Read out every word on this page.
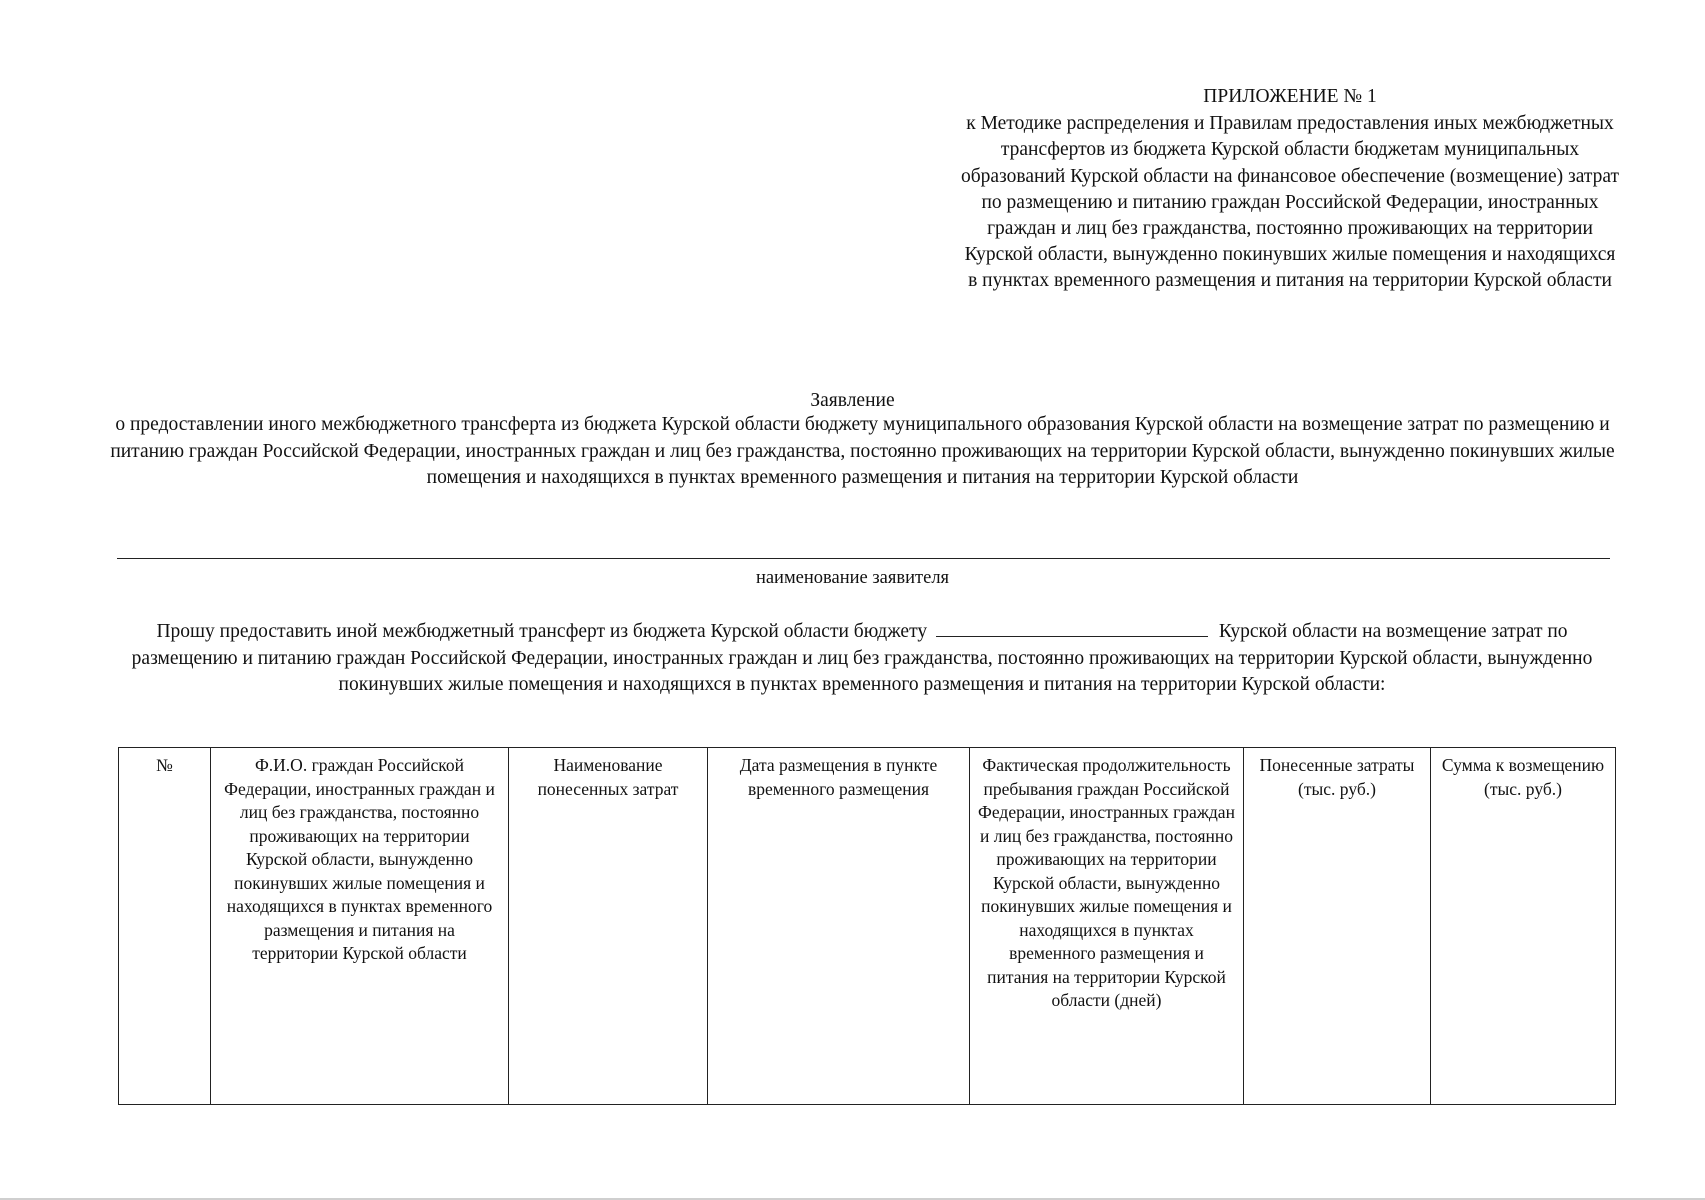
ПРИЛОЖЕНИЕ № 1
к Методике распределения и Правилам предоставления иных межбюджетных трансфертов из бюджета Курской области бюджетам муниципальных образований Курской области на финансовое обеспечение (возмещение) затрат по размещению и питанию граждан Российской Федерации, иностранных граждан и лиц без гражданства, постоянно проживающих на территории Курской области, вынужденно покинувших жилые помещения и находящихся в пунктах временного размещения и питания на территории Курской области
Заявление
о предоставлении иного межбюджетного трансферта из бюджета Курской области бюджету муниципального образования Курской области на возмещение затрат по размещению и питанию граждан Российской Федерации, иностранных граждан и лиц без гражданства, постоянно проживающих на территории Курской области, вынужденно покинувших жилые помещения и находящихся в пунктах временного размещения и питания на территории Курской области
наименование заявителя
Прошу предоставить иной межбюджетный трансферт из бюджета Курской области бюджету	Курской области на возмещение затрат по размещению и питанию граждан Российской Федерации, иностранных граждан и лиц без гражданства, постоянно проживающих на территории Курской области, вынужденно покинувших жилые помещения и находящихся в пунктах временного размещения и питания на территории Курской области:
№	Ф.И.О. граждан Российской Федерации, иностранных граждан и лиц без гражданства, постоянно проживающих на территории Курской области, вынужденно покинувших жилые помещения и находящихся в пунктах временного размещения и питания на территории Курской области	Наименование понесенных затрат	Дата размещения в пункте временного размещения	Фактическая продолжительность пребывания граждан Российской Федерации, иностранных граждан и лиц без гражданства, постоянно проживающих на территории Курской области, вынужденно покинувших жилые помещения и находящихся в пунктах временного размещения и питания на территории Курской области (дней)	Понесенные затраты (тыс. руб.)	Сумма к возмещению (тыс. руб.)
